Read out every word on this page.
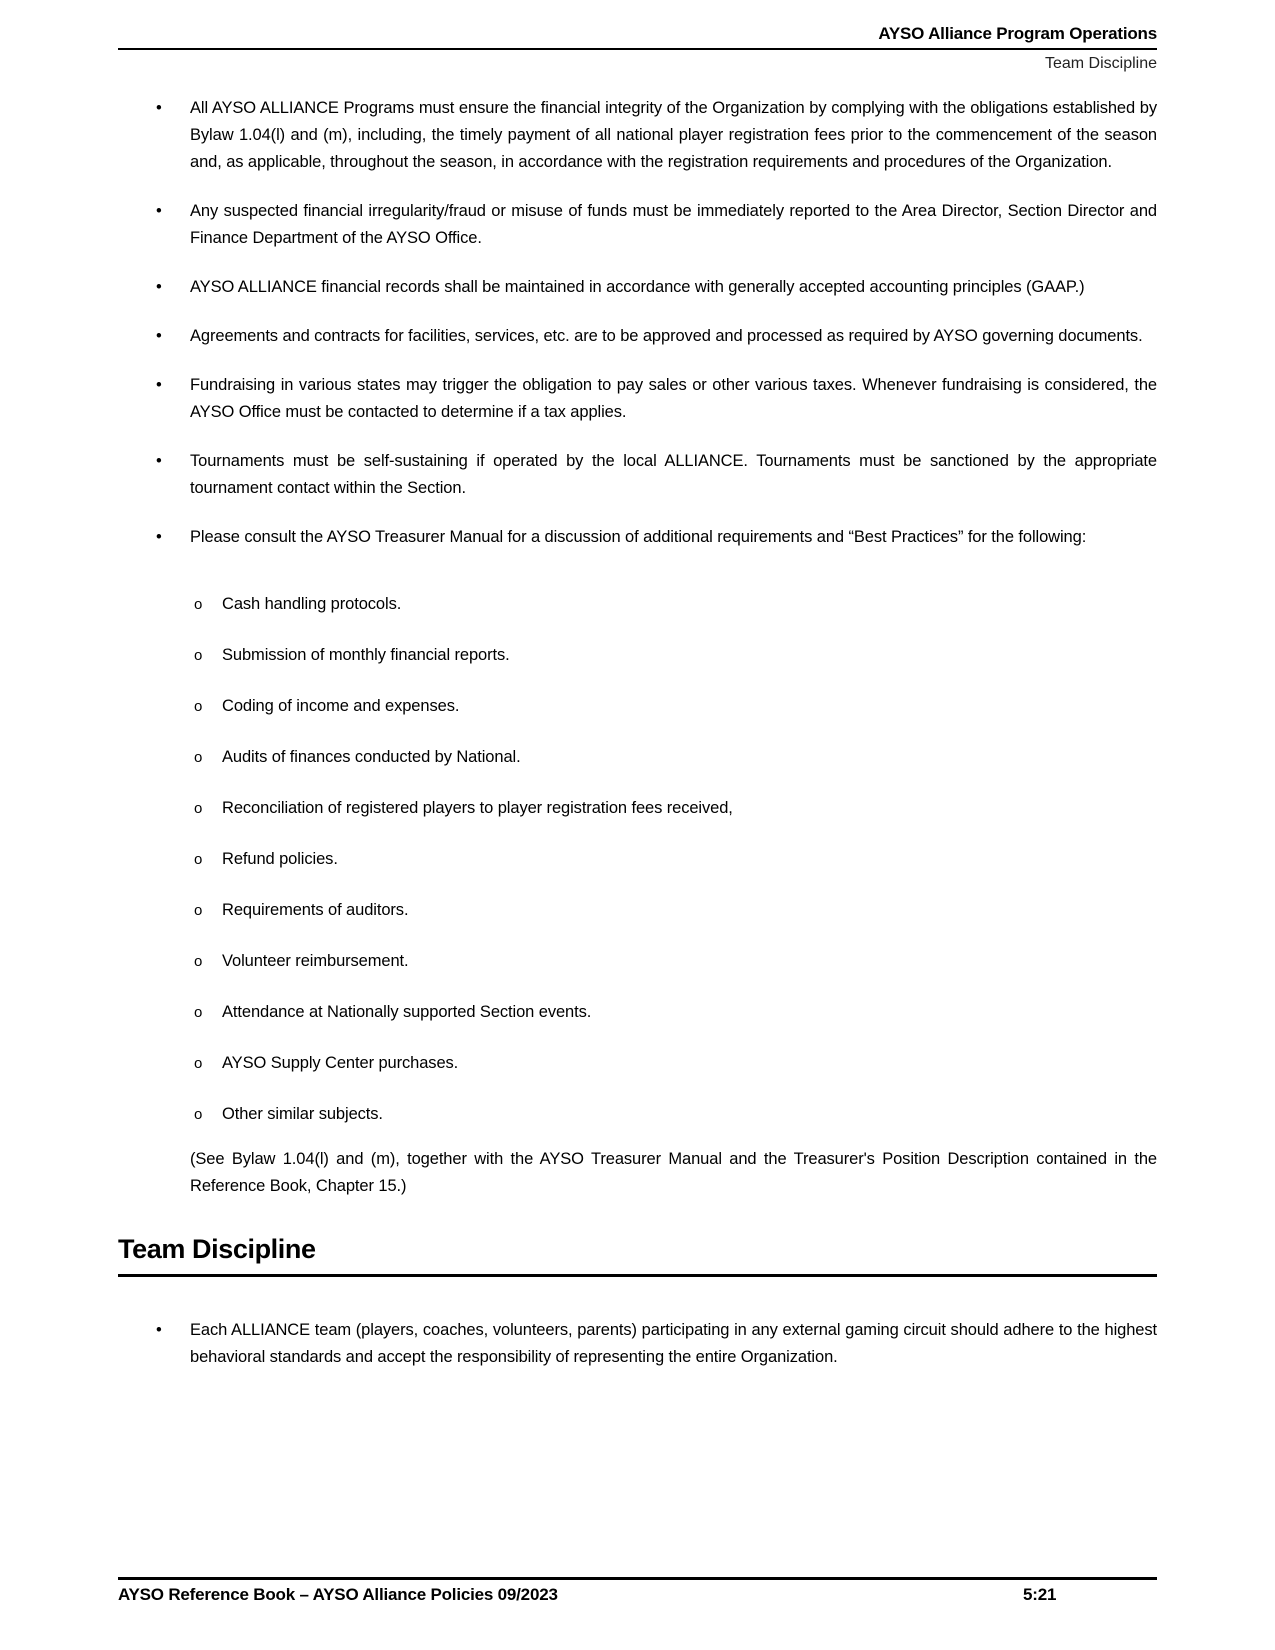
AYSO Alliance Program Operations
Team Discipline
• All AYSO ALLIANCE Programs must ensure the financial integrity of the Organization by complying with the obligations established by Bylaw 1.04(l) and (m), including, the timely payment of all national player registration fees prior to the commencement of the season and, as applicable, throughout the season, in accordance with the registration requirements and procedures of the Organization.
• Any suspected financial irregularity/fraud or misuse of funds must be immediately reported to the Area Director, Section Director and Finance Department of the AYSO Office.
• AYSO ALLIANCE financial records shall be maintained in accordance with generally accepted accounting principles (GAAP.)
• Agreements and contracts for facilities, services, etc. are to be approved and processed as required by AYSO governing documents.
• Fundraising in various states may trigger the obligation to pay sales or other various taxes. Whenever fundraising is considered, the AYSO Office must be contacted to determine if a tax applies.
• Tournaments must be self-sustaining if operated by the local ALLIANCE. Tournaments must be sanctioned by the appropriate tournament contact within the Section.
• Please consult the AYSO Treasurer Manual for a discussion of additional requirements and “Best Practices” for the following:
o Cash handling protocols.
o Submission of monthly financial reports.
o Coding of income and expenses.
o Audits of finances conducted by National.
o Reconciliation of registered players to player registration fees received,
o Refund policies.
o Requirements of auditors.
o Volunteer reimbursement.
o Attendance at Nationally supported Section events.
o AYSO Supply Center purchases.
o Other similar subjects.
(See Bylaw 1.04(l) and (m), together with the AYSO Treasurer Manual and the Treasurer's Position Description contained in the Reference Book, Chapter 15.)
Team Discipline
• Each ALLIANCE team (players, coaches, volunteers, parents) participating in any external gaming circuit should adhere to the highest behavioral standards and accept the responsibility of representing the entire Organization.
AYSO Reference Book – AYSO Alliance Policies 09/2023	5:21
